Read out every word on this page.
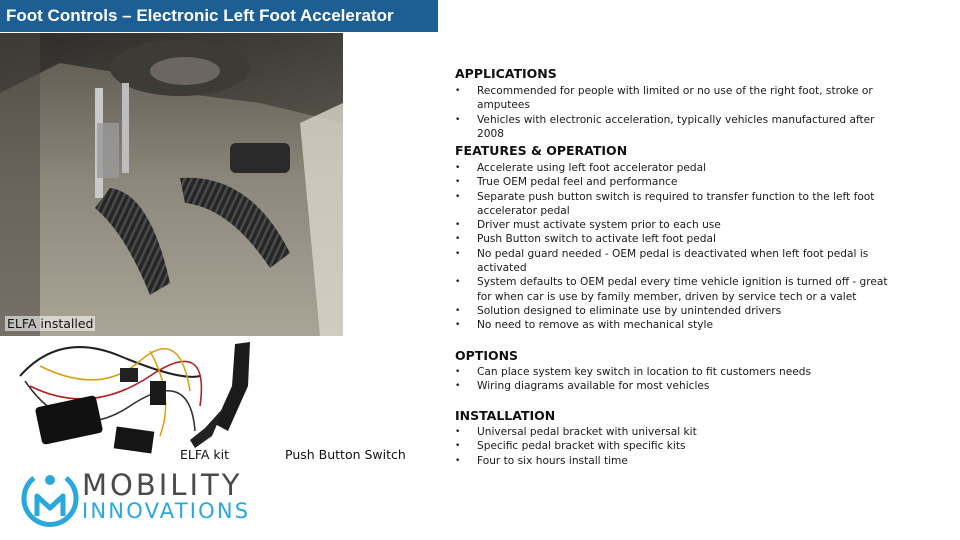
Foot Controls – Electronic Left Foot Accelerator
ELFA installed
ELFA kit	Push Button Switch
MOBILITY
INNOVATIONS
APPLICATIONS
•	Recommended for people with limited or no use of the right foot, stroke or amputees
•	Vehicles with electronic acceleration, typically vehicles manufactured after 2008
FEATURES & OPERATION
•	Accelerate using left foot accelerator pedal
•	True OEM pedal feel and performance
•	Separate push button switch is required to transfer function to the left foot accelerator pedal
•	Driver must activate system prior to each use
•	Push Button switch to activate left foot pedal
•	No pedal guard needed - OEM pedal is deactivated when left foot pedal is activated
•	System defaults to OEM pedal every time vehicle ignition is turned off - great for when car is use by family member, driven by service tech or a valet
•	Solution designed to eliminate use by unintended drivers
•	No need to remove as with mechanical style
OPTIONS
•	Can place system key switch in location to fit customers needs
•	Wiring diagrams available for most vehicles
INSTALLATION
•	Universal pedal bracket with universal kit
•	Specific pedal bracket with specific kits
•	Four to six hours install time
